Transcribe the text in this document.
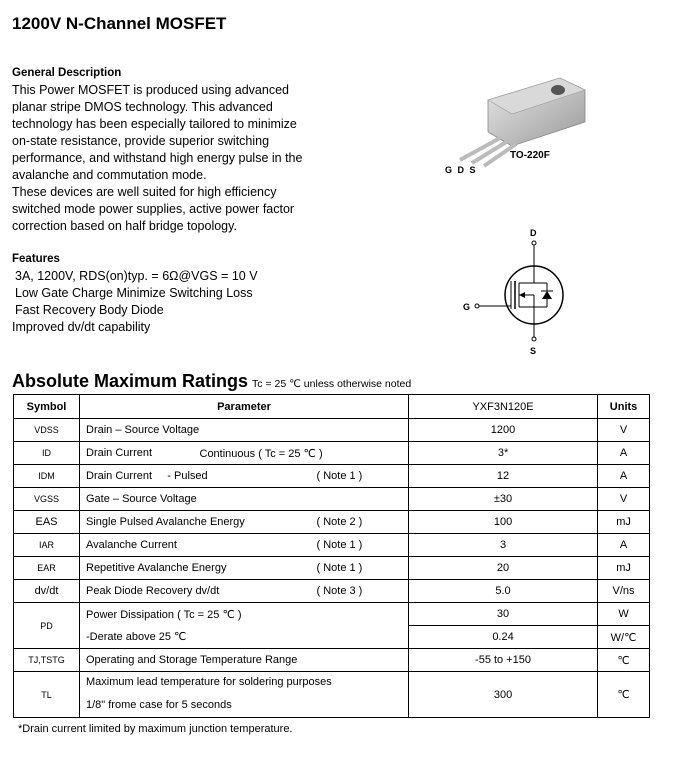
1200V N-Channel MOSFET
General Description
This Power MOSFET is produced using advanced
planar stripe DMOS technology. This advanced
technology has been especially tailored to minimize
on-state resistance, provide superior switching
performance, and withstand high energy pulse in the
avalanche and commutation mode.
These devices are well suited for high efficiency
switched mode power supplies, active power factor
correction based on half bridge topology.
Features
3A, 1200V, RDS(on)typ. = 6Ω@VGS = 10 V
Low Gate Charge Minimize Switching Loss
Fast Recovery Body Diode
Improved dv/dt capability
TO-220F
G D S
D
G
S
Absolute Maximum Ratings Tc = 25 ℃ unless otherwise noted
Symbol	Parameter			YXF3N120E	Units
VDSS	Drain – Source Voltage			1200	V
ID	Drain Current	Continuous ( Tc = 25 ℃ )		3*	A
IDM	Drain Current     - Pulsed		( Note 1 )	12	A
VGSS	Gate – Source Voltage			±30	V
EAS	Single Pulsed Avalanche Energy		( Note 2 )	100	mJ
IAR	Avalanche Current		( Note 1 )	3	A
EAR	Repetitive Avalanche Energy		( Note 1 )	20	mJ
dv/dt	Peak Diode Recovery dv/dt		( Note 3 )	5.0	V/ns
PD	Power Dissipation ( Tc = 25 ℃ )			30	W
	-Derate above 25 ℃			0.24	W/℃
TJ,TSTG	Operating and Storage Temperature Range			-55 to +150	℃
TL	Maximum lead temperature for soldering purposes
1/8" frome case for 5 seconds			300	℃
*Drain current limited by maximum junction temperature.
